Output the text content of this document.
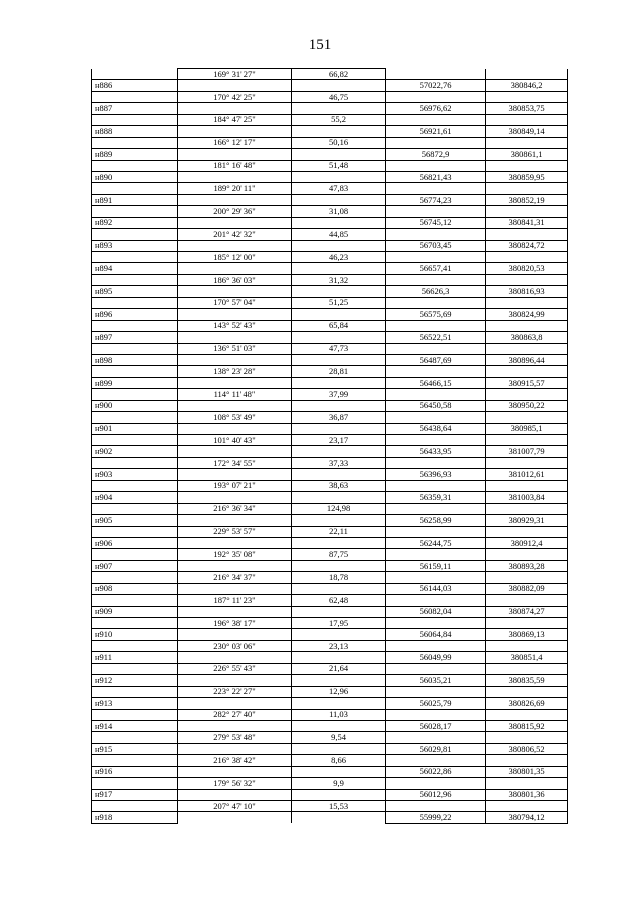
151
	169° 31' 27"	66,82		
н886			57022,76	380846,2
	170° 42' 25"	46,75		
н887			56976,62	380853,75
	184° 47' 25"	55,2		
н888			56921,61	380849,14
	166° 12' 17"	50,16		
н889			56872,9	380861,1
	181° 16' 48"	51,48		
н890			56821,43	380859,95
	189° 20' 11"	47,83		
н891			56774,23	380852,19
	200° 29' 36"	31,08		
н892			56745,12	380841,31
	201° 42' 32"	44,85		
н893			56703,45	380824,72
	185° 12' 00"	46,23		
н894			56657,41	380820,53
	186° 36' 03"	31,32		
н895			56626,3	380816,93
	170° 57' 04"	51,25		
н896			56575,69	380824,99
	143° 52' 43"	65,84		
н897			56522,51	380863,8
	136° 51' 03"	47,73		
н898			56487,69	380896,44
	138° 23' 28"	28,81		
н899			56466,15	380915,57
	114° 11' 48"	37,99		
н900			56450,58	380950,22
	108° 53' 49"	36,87		
н901			56438,64	380985,1
	101° 40' 43"	23,17		
н902			56433,95	381007,79
	172° 34' 55"	37,33		
н903			56396,93	381012,61
	193° 07' 21"	38,63		
н904			56359,31	381003,84
	216° 36' 34"	124,98		
н905			56258,99	380929,31
	229° 53' 57"	22,11		
н906			56244,75	380912,4
	192° 35' 08"	87,75		
н907			56159,11	380893,28
	216° 34' 37"	18,78		
н908			56144,03	380882,09
	187° 11' 23"	62,48		
н909			56082,04	380874,27
	196° 38' 17"	17,95		
н910			56064,84	380869,13
	230° 03' 06"	23,13		
н911			56049,99	380851,4
	226° 55' 43"	21,64		
н912			56035,21	380835,59
	223° 22' 27"	12,96		
н913			56025,79	380826,69
	282° 27' 40"	11,03		
н914			56028,17	380815,92
	279° 53' 48"	9,54		
н915			56029,81	380806,52
	216° 38' 42"	8,66		
н916			56022,86	380801,35
	179° 56' 32"	9,9		
н917			56012,96	380801,36
	207° 47' 10"	15,53		
н918			55999,22	380794,12
